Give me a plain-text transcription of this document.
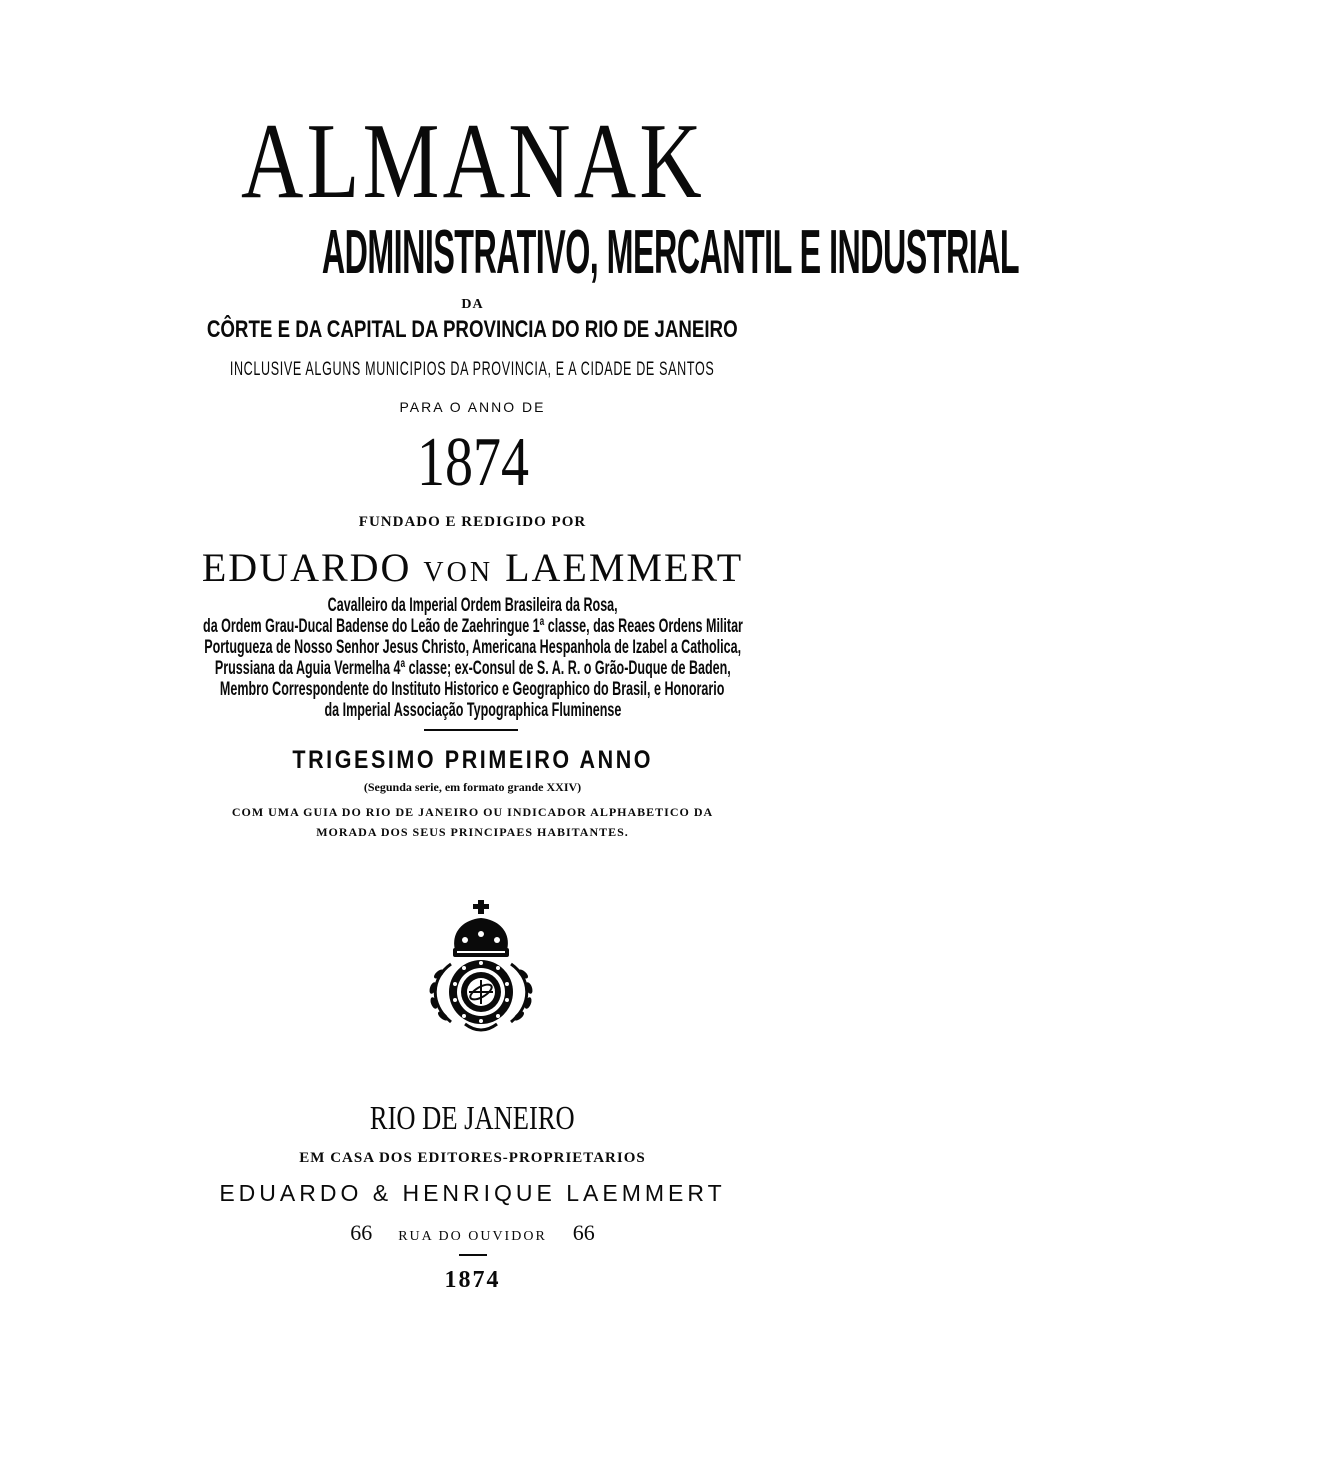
ALMANAK

ADMINISTRATIVO, MERCANTIL E INDUSTRIAL

DA

CÔRTE E DA CAPITAL DA PROVINCIA DO RIO DE JANEIRO

INCLUSIVE ALGUNS MUNICIPIOS DA PROVINCIA, E A CIDADE DE SANTOS

PARA O ANNO DE

1874

FUNDADO E REDIGIDO POR

EDUARDO VON LAEMMERT

Cavalleiro da Imperial Ordem Brasileira da Rosa,

da Ordem Grau-Ducal Badense do Leão de Zaehringue 1ª classe, das Reaes Ordens Militar

Portugueza de Nosso Senhor Jesus Christo, Americana Hespanhola de Izabel a Catholica,

Prussiana da Aguia Vermelha 4ª classe; ex-Consul de S. A. R. o Grão-Duque de Baden,

Membro Correspondente do Instituto Historico e Geographico do Brasil, e Honorario

da Imperial Associação Typographica Fluminense

TRIGESIMO PRIMEIRO ANNO

(Segunda serie, em formato grande XXIV)

COM UMA GUIA DO RIO DE JANEIRO OU INDICADOR ALPHABETICO DA

MORADA DOS SEUS PRINCIPAES HABITANTES.

RIO DE JANEIRO

EM CASA DOS EDITORES-PROPRIETARIOS

EDUARDO & HENRIQUE LAEMMERT

66 RUA DO OUVIDOR 66

1874
